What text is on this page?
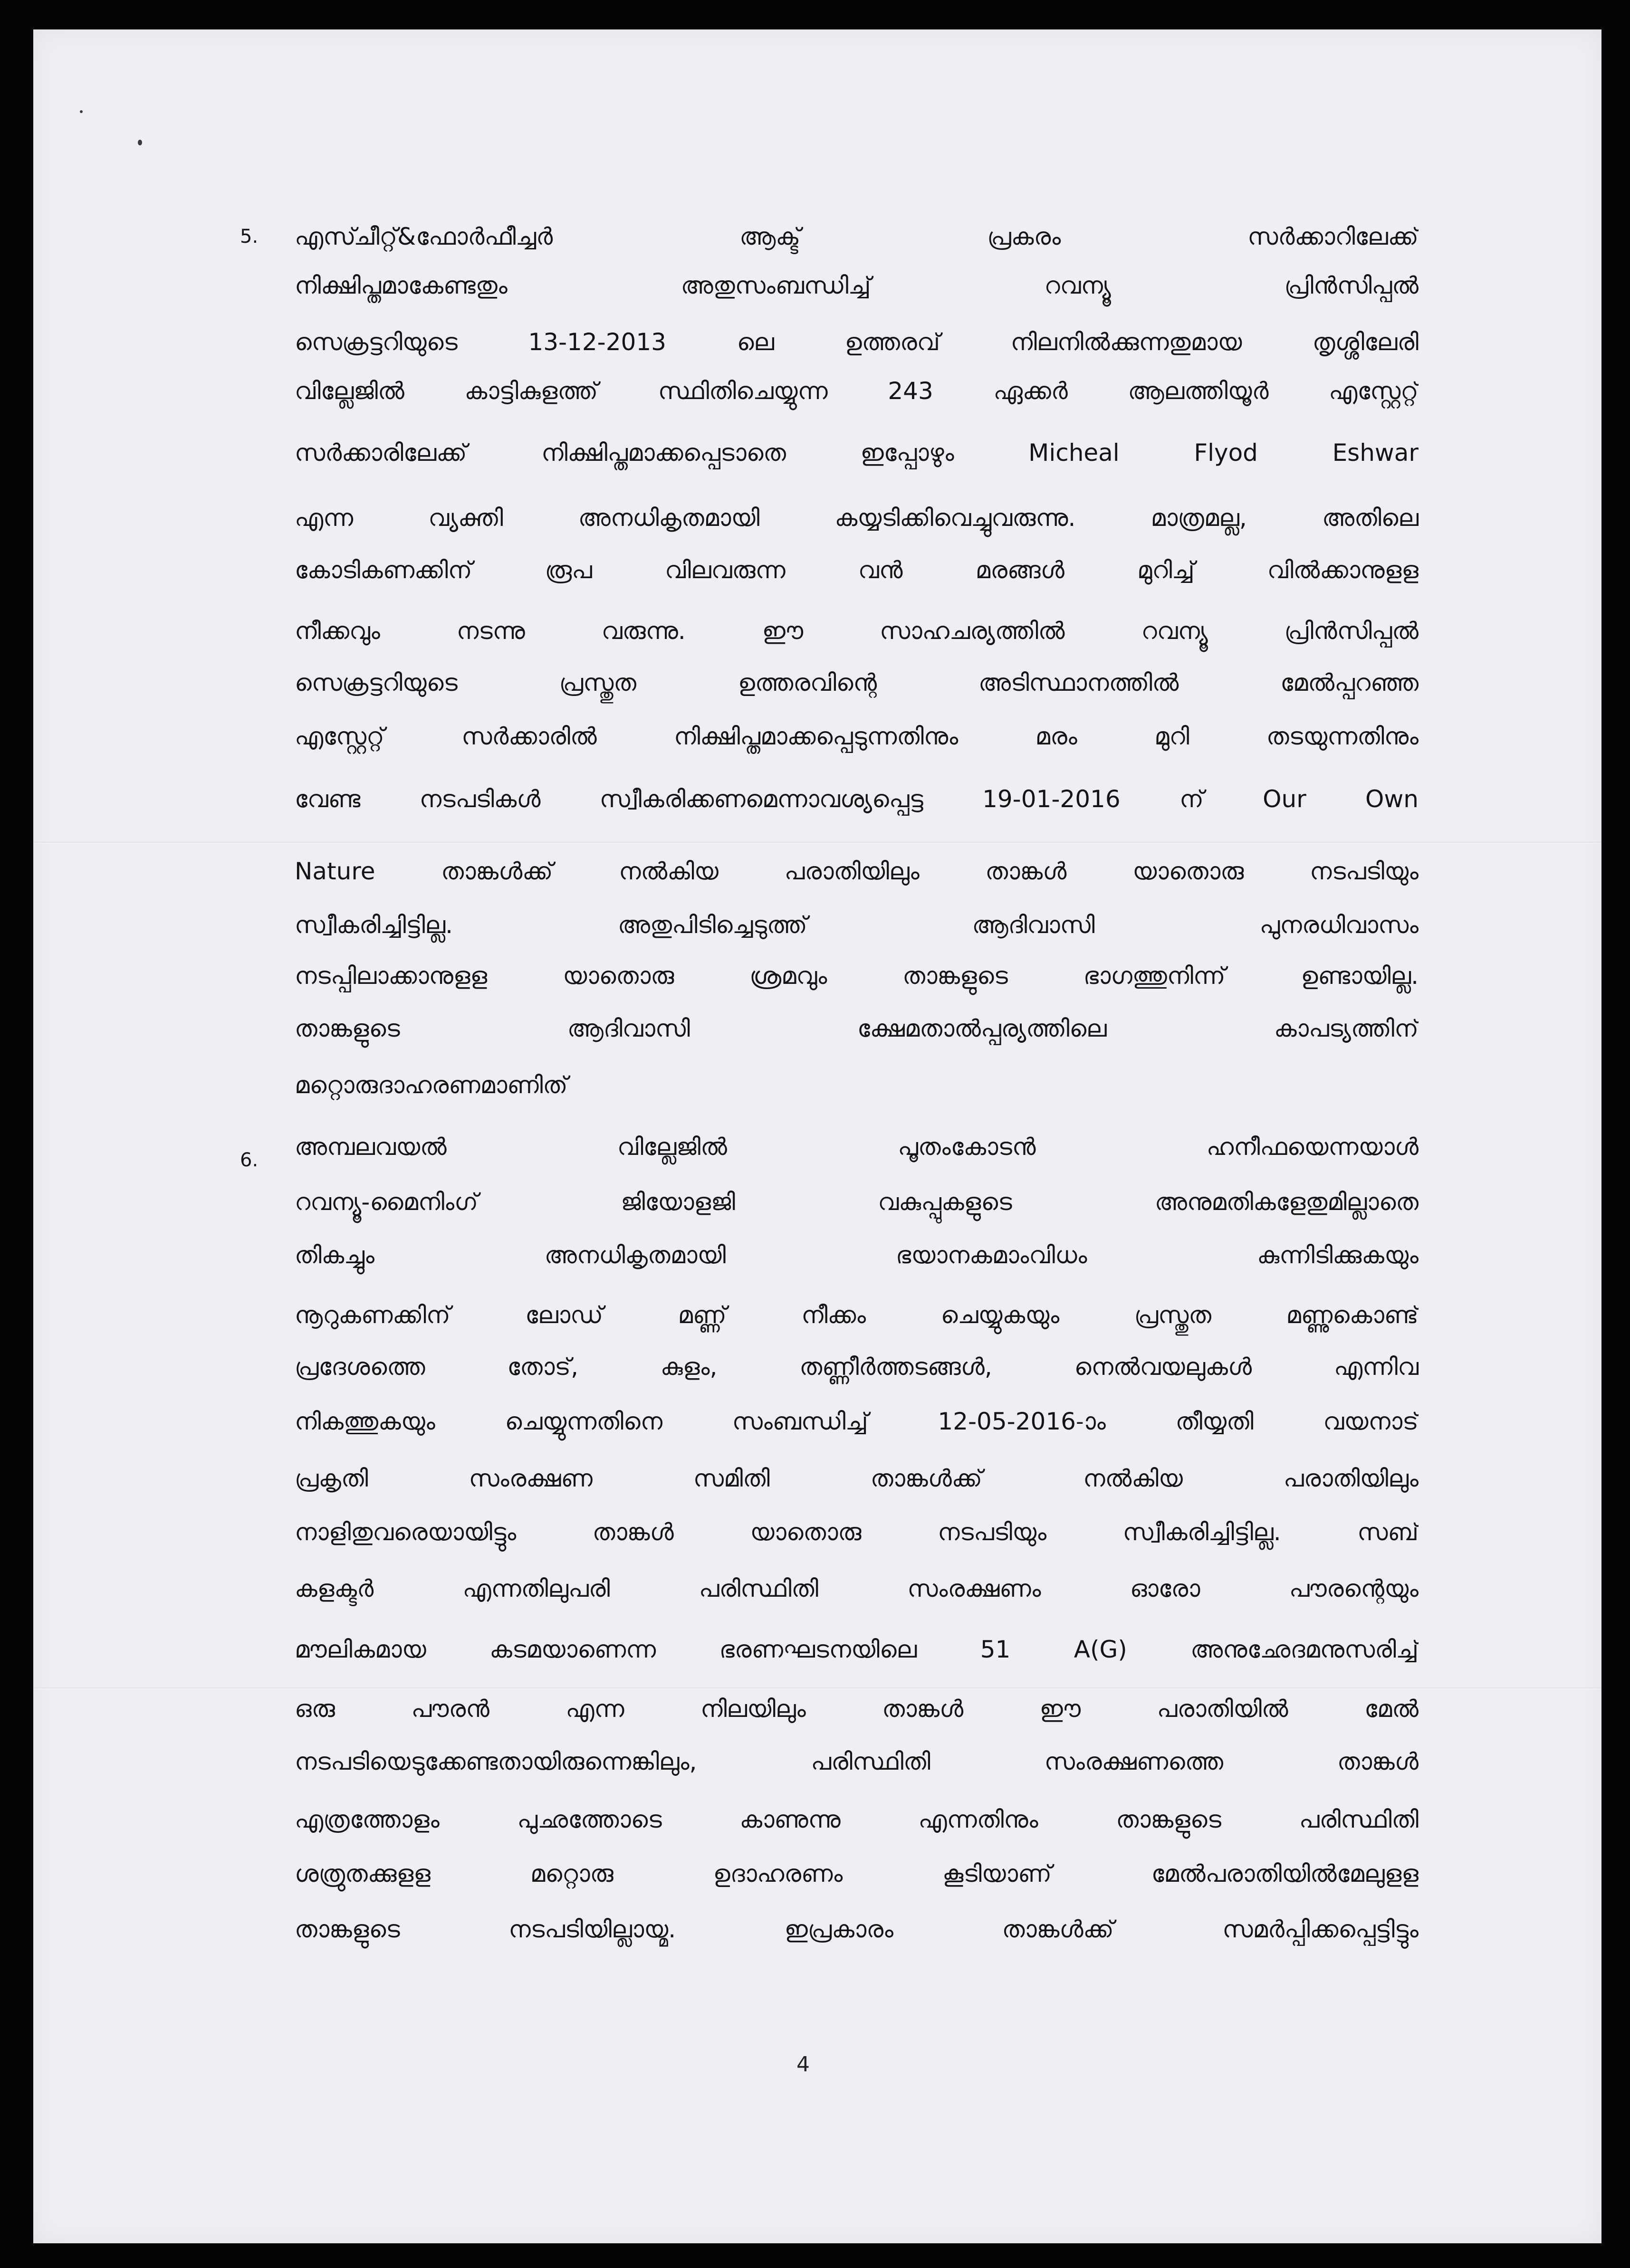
5. എസ്ചീറ്റ്&ഫോർഫീച്ചർ ആക്ട് പ്രകരം സർക്കാറിലേക്ക്
നിക്ഷിപ്തമാകേണ്ടതും അതുസംബന്ധിച്ച് റവന്യൂ പ്രിൻസിപ്പൽ
സെക്രട്ടറിയുടെ 13-12-2013 ലെ ഉത്തരവ് നിലനിൽക്കുന്നതുമായ തൃശ്ശിലേരി
വില്ലേജിൽ കാട്ടികുളത്ത് സ്ഥിതിചെയ്യുന്ന 243 ഏക്കർ ആലത്തിയൂർ എസ്റ്റേറ്റ്
സർക്കാരിലേക്ക് നിക്ഷിപ്തമാക്കപ്പെടാതെ ഇപ്പോഴും Micheal Flyod Eshwar
എന്ന വ്യക്തി അനധികൃതമായി കയ്യടിക്കിവെച്ചുവരുന്നു. മാത്രമല്ല, അതിലെ
കോടികണക്കിന് രൂപ വിലവരുന്ന വൻ മരങ്ങൾ മുറിച്ച് വിൽക്കാനുളള
നീക്കവും നടന്നു വരുന്നു. ഈ സാഹചര്യത്തിൽ റവന്യൂ പ്രിൻസിപ്പൽ
സെക്രട്ടറിയുടെ പ്രസ്തുത ഉത്തരവിന്റെ അടിസ്ഥാനത്തിൽ മേൽപ്പറഞ്ഞ
എസ്റ്റേറ്റ് സർക്കാരിൽ നിക്ഷിപ്തമാക്കപ്പെടുന്നതിനും മരം മുറി തടയുന്നതിനും
വേണ്ട നടപടികൾ സ്വീകരിക്കണമെന്നാവശ്യപ്പെട്ട 19-01-2016 ന് Our Own
Nature താങ്കൾക്ക് നൽകിയ പരാതിയിലും താങ്കൾ യാതൊരു നടപടിയും
സ്വീകരിച്ചിട്ടില്ല. അതുപിടിച്ചെടുത്ത് ആദിവാസി പുനരധിവാസം
നടപ്പിലാക്കാനുളള യാതൊരു ശ്രമവും താങ്കളുടെ ഭാഗത്തുനിന്ന് ഉണ്ടായില്ല.
താങ്കളുടെ ആദിവാസി ക്ഷേമതാൽപ്പര്യത്തിലെ കാപട്യത്തിന്
മറ്റൊരുദാഹരണമാണിത്
6. അമ്പലവയൽ വില്ലേജിൽ പൂതംകോടൻ ഹനീഫയെന്നയാൾ
റവന്യൂ-മൈനിംഗ് ജിയോളജി വകുപ്പുകളുടെ അനുമതികളേതുമില്ലാതെ
തികച്ചും അനധികൃതമായി ഭയാനകമാംവിധം കുന്നിടിക്കുകയും
നൂറുകണക്കിന് ലോഡ് മണ്ണ് നീക്കം ചെയ്യുകയും പ്രസ്തുത മണ്ണുകൊണ്ട്
പ്രദേശത്തെ തോട്, കുളം, തണ്ണീർത്തടങ്ങൾ, നെൽവയലുകൾ എന്നിവ
നികത്തുകയും ചെയ്യുന്നതിനെ സംബന്ധിച്ച് 12-05-2016-ാം തീയ്യതി വയനാട്
പ്രകൃതി സംരക്ഷണ സമിതി താങ്കൾക്ക് നൽകിയ പരാതിയിലും
നാളിതുവരെയായിട്ടും താങ്കൾ യാതൊരു നടപടിയും സ്വീകരിച്ചിട്ടില്ല. സബ്
കളക്ടർ എന്നതിലുപരി പരിസ്ഥിതി സംരക്ഷണം ഓരോ പൗരന്റെയും
മൗലികമായ കടമയാണെന്ന ഭരണഘടനയിലെ 51 A(G) അനുഛേദമനുസരിച്ച്
ഒരു പൗരൻ എന്ന നിലയിലും താങ്കൾ ഈ പരാതിയിൽ മേൽ
നടപടിയെടുക്കേണ്ടതായിരുന്നെങ്കിലും, പരിസ്ഥിതി സംരക്ഷണത്തെ താങ്കൾ
എത്രത്തോളം പുഛത്തോടെ കാണുന്നു എന്നതിനും താങ്കളുടെ പരിസ്ഥിതി
ശത്രുതക്കുളള മറ്റൊരു ഉദാഹരണം കൂടിയാണ് മേൽപരാതിയിൽമേലുളള
താങ്കളുടെ നടപടിയില്ലായ്മ. ഇപ്രകാരം താങ്കൾക്ക് സമർപ്പിക്കപ്പെട്ടിട്ടും
4
